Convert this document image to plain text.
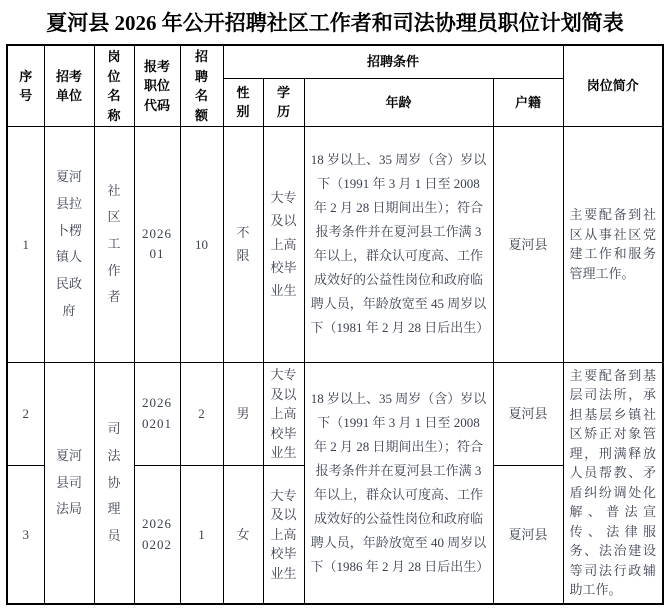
夏河县 2026 年公开招聘社区工作者和司法协理员职位计划简表
序号	招考单位	岗位名称	报考职位代码	招聘名额	招聘条件				岗位简介
					性别	学历	年龄	户籍	
1	夏河县拉卜楞镇人民政府	社区工作者	202601	10	不限	大专及以上高校毕业生	18 岁以上、35 周岁（含）岁以下（1991 年 3 月 1 日至 2008 年 2 月 28 日期间出生）；符合报考条件并在夏河县工作满 3 年以上，群众认可度高、工作成效好的公益性岗位和政府临聘人员，年龄放宽至 45 周岁以下（1981 年 2 月 28 日后出生）	夏河县	主要配备到社区从事社区党建工作和服务管理工作。
2	夏河县司法局	司法协理员	20260201	2	男	大专及以上高校毕业生	18 岁以上、35 周岁（含）岁以下（1991 年 3 月 1 日至 2008 年 2 月 28 日期间出生）；符合报考条件并在夏河县工作满 3 年以上，群众认可度高、工作成效好的公益性岗位和政府临聘人员，年龄放宽至 40 周岁以下（1986 年 2 月 28 日后出生）	夏河县	主要配备到基层司法所，承担基层乡镇社区矫正对象管理，刑满释放人员帮教、矛盾纠纷调处化解、普法宣传、法律服务、法治建设等司法行政辅助工作。
3			20260202	1	女	大专及以上高校毕业生		夏河县	
